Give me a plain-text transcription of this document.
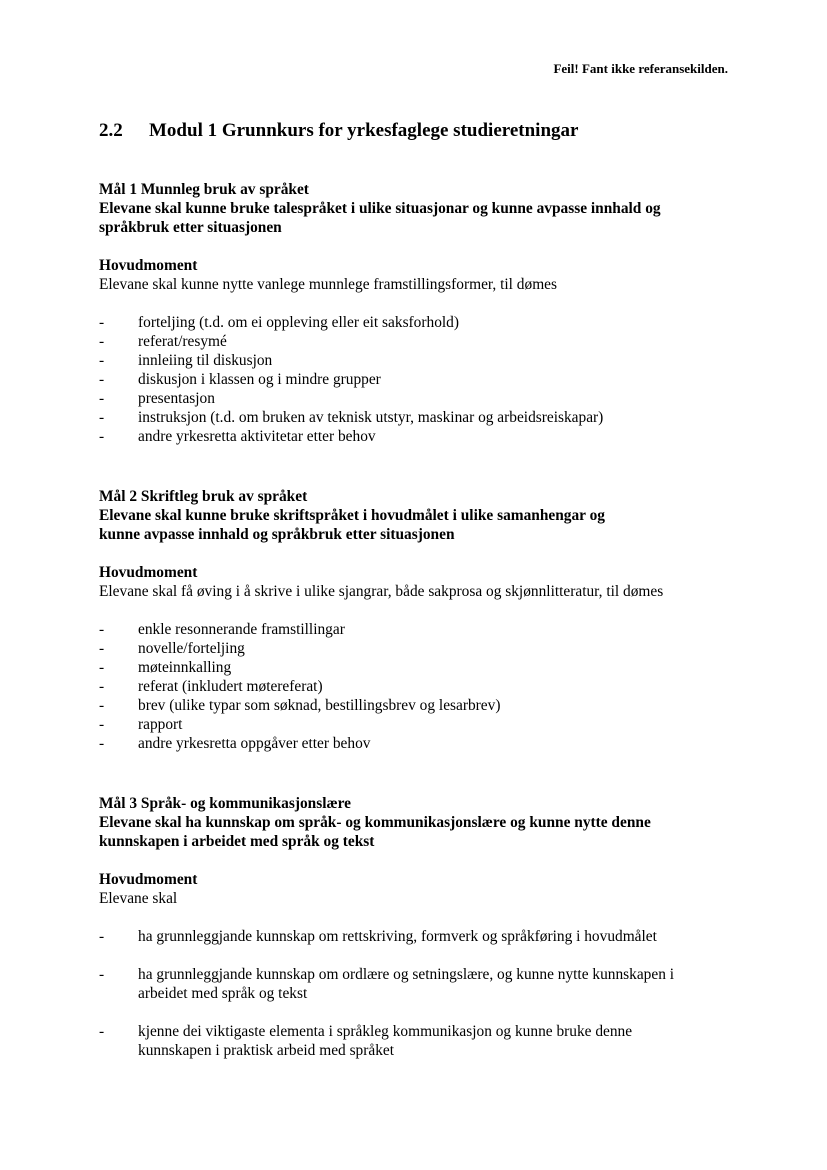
Feil! Fant ikke referansekilden.
2.2 Modul 1 Grunnkurs for yrkesfaglege studieretningar
Mål 1 Munnleg bruk av språket
Elevane skal kunne bruke talespråket i ulike situasjonar og kunne avpasse innhald og
språkbruk etter situasjonen
Hovudmoment
Elevane skal kunne nytte vanlege munnlege framstillingsformer, til dømes
- forteljing (t.d. om ei oppleving eller eit saksforhold)
- referat/resymé
- innleiing til diskusjon
- diskusjon i klassen og i mindre grupper
- presentasjon
- instruksjon (t.d. om bruken av teknisk utstyr, maskinar og arbeidsreiskapar)
- andre yrkesretta aktivitetar etter behov
Mål 2 Skriftleg bruk av språket
Elevane skal kunne bruke skriftspråket i hovudmålet i ulike samanhengar og
kunne avpasse innhald og språkbruk etter situasjonen
Hovudmoment
Elevane skal få øving i å skrive i ulike sjangrar, både sakprosa og skjønnlitteratur, til dømes
- enkle resonnerande framstillingar
- novelle/forteljing
- møteinnkalling
- referat (inkludert møtereferat)
- brev (ulike typar som søknad, bestillingsbrev og lesarbrev)
- rapport
- andre yrkesretta oppgåver etter behov
Mål 3 Språk- og kommunikasjonslære
Elevane skal ha kunnskap om språk- og kommunikasjonslære og kunne nytte denne
kunnskapen i arbeidet med språk og tekst
Hovudmoment
Elevane skal
- ha grunnleggjande kunnskap om rettskriving, formverk og språkføring i hovudmålet
- ha grunnleggjande kunnskap om ordlære og setningslære, og kunne nytte kunnskapen i
arbeidet med språk og tekst
- kjenne dei viktigaste elementa i språkleg kommunikasjon og kunne bruke denne
kunnskapen i praktisk arbeid med språket
